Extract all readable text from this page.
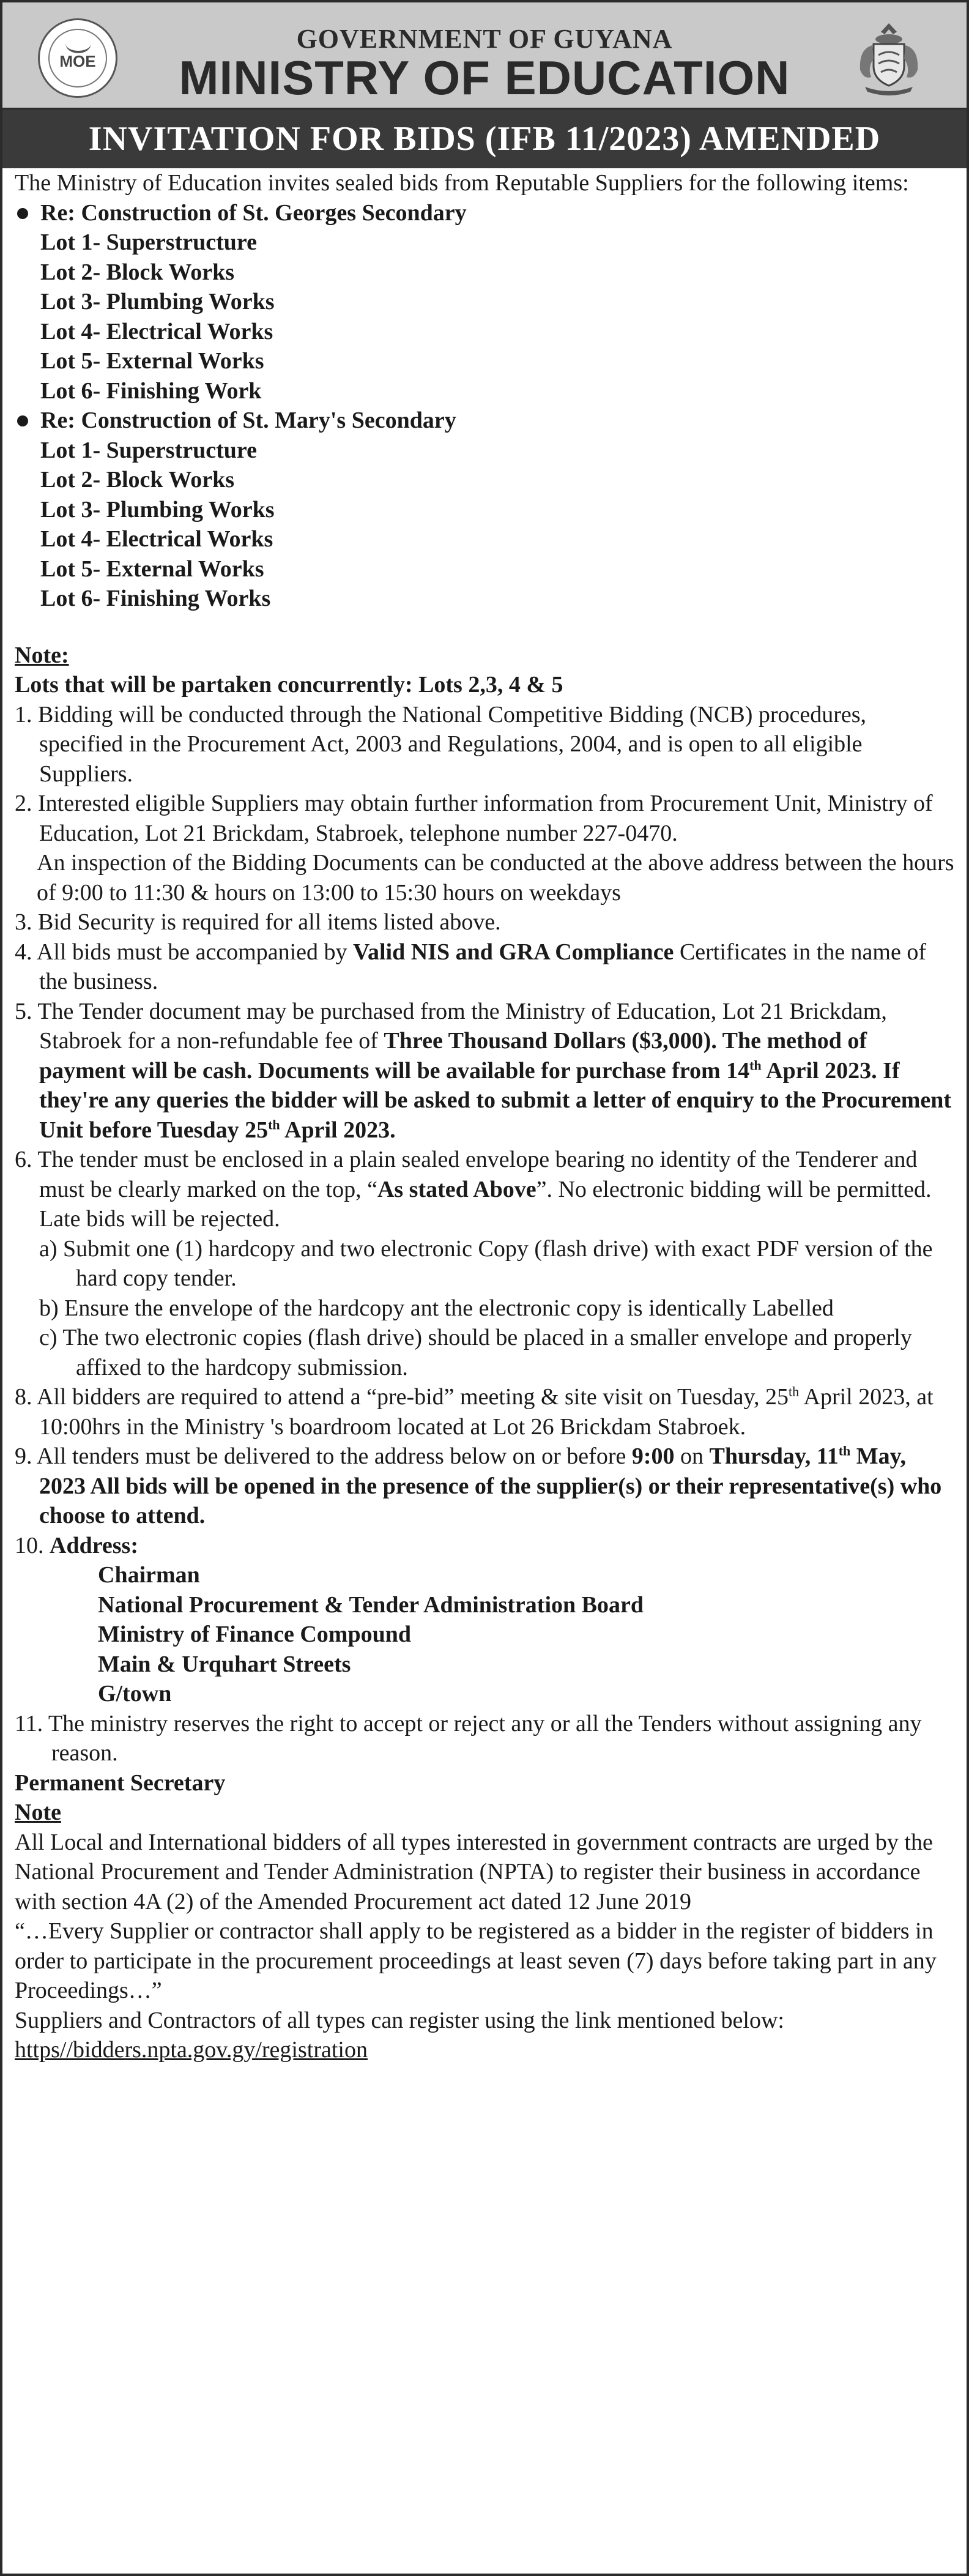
MOE
GOVERNMENT OF GUYANA
MINISTRY OF EDUCATION
INVITATION FOR BIDS (IFB 11/2023) AMENDED

The Ministry of Education invites sealed bids from Reputable Suppliers for the following items:

Re: Construction of St. Georges Secondary
Lot 1- Superstructure
Lot 2- Block Works
Lot 3- Plumbing Works
Lot 4- Electrical Works
Lot 5- External Works
Lot 6- Finishing Work
Re: Construction of St. Mary's Secondary
Lot 1- Superstructure
Lot 2- Block Works
Lot 3- Plumbing Works
Lot 4- Electrical Works
Lot 5- External Works
Lot 6- Finishing Works
Note:
Lots that will be partaken concurrently: Lots 2,3, 4 & 5

1. Bidding will be conducted through the National Competitive Bidding (NCB) procedures, specified in the Procurement Act, 2003 and Regulations, 2004, and is open to all eligible Suppliers.

2. Interested eligible Suppliers may obtain further information from Procurement Unit, Ministry of Education, Lot 21 Brickdam, Stabroek, telephone number 227-0470.

An inspection of the Bidding Documents can be conducted at the above address between the hours of 9:00 to 11:30 & hours on 13:00 to 15:30 hours on weekdays

3. Bid Security is required for all items listed above.

4. All bids must be accompanied by Valid NIS and GRA Compliance Certificates in the name of the business.

5. The Tender document may be purchased from the Ministry of Education, Lot 21 Brickdam, Stabroek for a non-refundable fee of Three Thousand Dollars ($3,000). The method of payment will be cash. Documents will be available for purchase from 14th April 2023. If they're any queries the bidder will be asked to submit a letter of enquiry to the Procurement Unit before Tuesday 25th April 2023.

6. The tender must be enclosed in a plain sealed envelope bearing no identity of the Tenderer and must be clearly marked on the top, “As stated Above”. No electronic bidding will be permitted. Late bids will be rejected.

a) Submit one (1) hardcopy and two electronic Copy (flash drive) with exact PDF version of the hard copy tender.

b) Ensure the envelope of the hardcopy ant the electronic copy is identically Labelled

c) The two electronic copies (flash drive) should be placed in a smaller envelope and properly affixed to the hardcopy submission.

8. All bidders are required to attend a “pre-bid” meeting & site visit on Tuesday, 25th April 2023, at 10:00hrs in the Ministry 's boardroom located at Lot 26 Brickdam Stabroek.

9. All tenders must be delivered to the address below on or before 9:00 on Thursday, 11th May, 2023 All bids will be opened in the presence of the supplier(s) or their representative(s) who choose to attend.

10. Address:
Chairman
National Procurement & Tender Administration Board
Ministry of Finance Compound
Main & Urquhart Streets
G/town

11. The ministry reserves the right to accept or reject any or all the Tenders without assigning any reason.

Permanent Secretary

Note

All Local and International bidders of all types interested in government contracts are urged by the National Procurement and Tender Administration (NPTA) to register their business in accordance with section 4A (2) of the Amended Procurement act dated 12 June 2019

“…Every Supplier or contractor shall apply to be registered as a bidder in the register of bidders in order to participate in the procurement proceedings at least seven (7) days before taking part in any Proceedings…”

Suppliers and Contractors of all types can register using the link mentioned below:

https//bidders.npta.gov.gy/registration
